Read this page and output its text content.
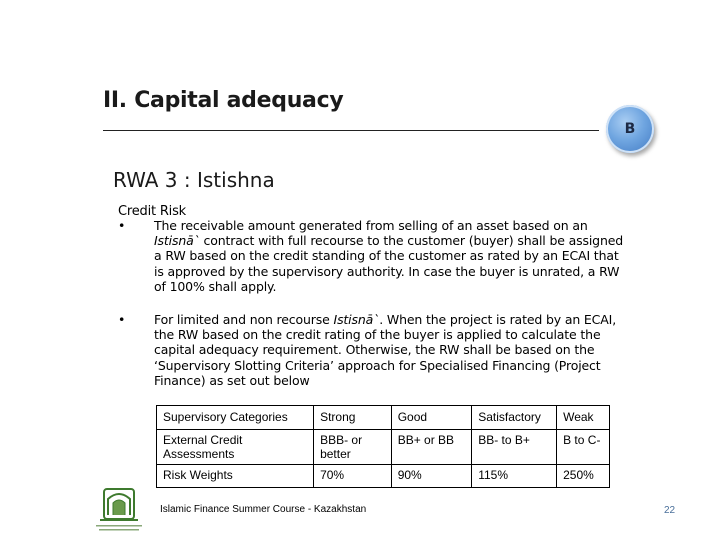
II. Capital adequacy
B
RWA 3 : Istishna
Credit Risk
• The receivable amount generated from selling of an asset based on an Istisnā` contract with full recourse to the customer (buyer) shall be assigned a RW based on the credit standing of the customer as rated by an ECAI that is approved by the supervisory authority. In case the buyer is unrated, a RW of 100% shall apply.
• For limited and non recourse Istisnā`. When the project is rated by an ECAI, the RW based on the credit rating of the buyer is applied to calculate the capital adequacy requirement. Otherwise, the RW shall be based on the ‘Supervisory Slotting Criteria’ approach for Specialised Financing (Project Finance) as set out below
Supervisory Categories	Strong	Good	Satisfactory	Weak
External Credit Assessments	BBB- or better	BB+ or BB	BB- to B+	B to C-
Risk Weights	70%	90%	115%	250%
Islamic Finance Summer Course - Kazakhstan	22
